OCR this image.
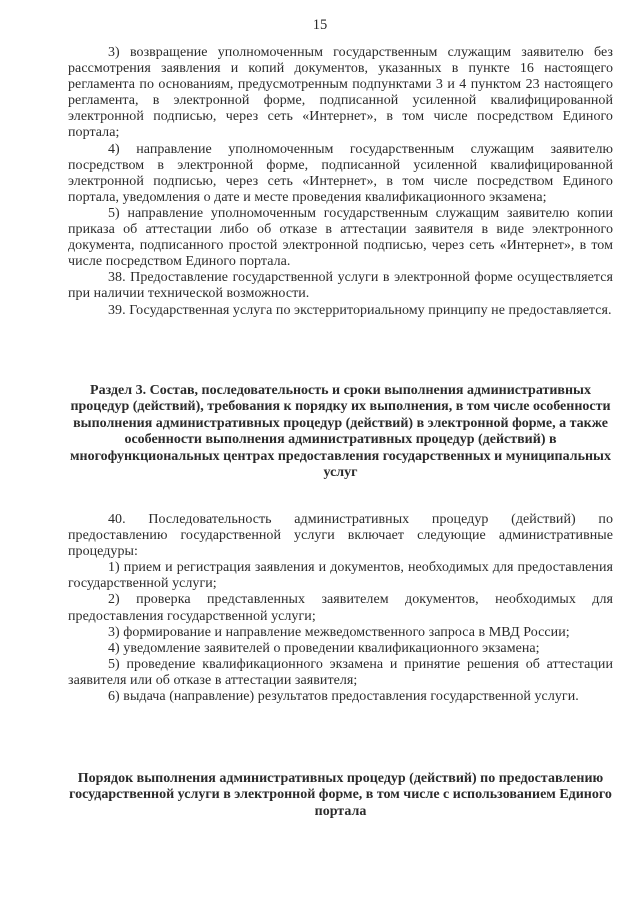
15

3) возвращение уполномоченным государственным служащим заявителю без рассмотрения заявления и копий документов, указанных в пункте 16 настоящего регламента по основаниям, предусмотренным подпунктами 3 и 4 пунктом 23 настоящего регламента, в электронной форме, подписанной усиленной квалифицированной электронной подписью, через сеть «Интернет», в том числе посредством Единого портала;

4) направление уполномоченным государственным служащим заявителю посредством в электронной форме, подписанной усиленной квалифицированной электронной подписью, через сеть «Интернет», в том числе посредством Единого портала, уведомления о дате и месте проведения квалификационного экзамена;

5) направление уполномоченным государственным служащим заявителю копии приказа об аттестации либо об отказе в аттестации заявителя в виде электронного документа, подписанного простой электронной подписью, через сеть «Интернет», в том числе посредством Единого портала.

38. Предоставление государственной услуги в электронной форме осуществляется при наличии технической возможности.

39. Государственная услуга по экстерриториальному принципу не предоставляется.

Раздел 3. Состав, последовательность и сроки выполнения административных процедур (действий), требования к порядку их выполнения, в том числе особенности выполнения административных процедур (действий) в электронной форме, а также особенности выполнения административных процедур (действий) в многофункциональных центрах предоставления государственных и муниципальных услуг

40. Последовательность административных процедур (действий) по предоставлению государственной услуги включает следующие административные процедуры:

1) прием и регистрация заявления и документов, необходимых для предоставления государственной услуги;

2) проверка представленных заявителем документов, необходимых для предоставления государственной услуги;

3) формирование и направление межведомственного запроса в МВД России;

4) уведомление заявителей о проведении квалификационного экзамена;

5) проведение квалификационного экзамена и принятие решения об аттестации заявителя или об отказе в аттестации заявителя;

6) выдача (направление) результатов предоставления государственной услуги.

Порядок выполнения административных процедур (действий) по предоставлению государственной услуги в электронной форме, в том числе с использованием Единого портала
